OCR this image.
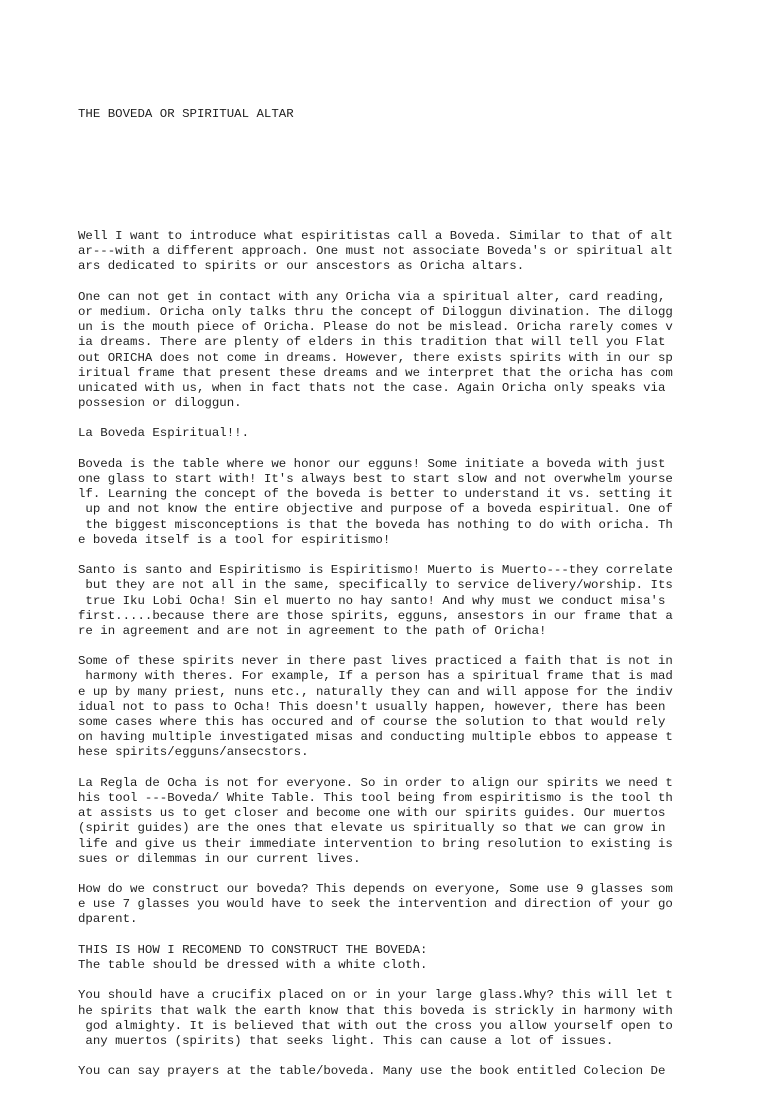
THE BOVEDA OR SPIRITUAL ALTAR

Well I want to introduce what espiritistas call a Boveda. Similar to that of alt
ar---with a different approach. One must not associate Boveda's or spiritual alt
ars dedicated to spirits or our anscestors as Oricha altars.
One can not get in contact with any Oricha via a spiritual alter, card reading,
or medium. Oricha only talks thru the concept of Diloggun divination. The dilogg
un is the mouth piece of Oricha. Please do not be mislead. Oricha rarely comes v
ia dreams. There are plenty of elders in this tradition that will tell you Flat
out ORICHA does not come in dreams. However, there exists spirits with in our sp
iritual frame that present these dreams and we interpret that the oricha has com
unicated with us, when in fact thats not the case. Again Oricha only speaks via
possesion or diloggun.
La Boveda Espiritual!!.
Boveda is the table where we honor our egguns! Some initiate a boveda with just
one glass to start with! It's always best to start slow and not overwhelm yourse
lf. Learning the concept of the boveda is better to understand it vs. setting it
up and not know the entire objective and purpose of a boveda espiritual. One of
the biggest misconceptions is that the boveda has nothing to do with oricha. Th
e boveda itself is a tool for espiritismo!
Santo is santo and Espiritismo is Espiritismo! Muerto is Muerto---they correlate
but they are not all in the same, specifically to service delivery/worship. Its
true Iku Lobi Ocha! Sin el muerto no hay santo! And why must we conduct misa's
first.....because there are those spirits, egguns, ansestors in our frame that a
re in agreement and are not in agreement to the path of Oricha!
Some of these spirits never in there past lives practiced a faith that is not in
harmony with theres. For example, If a person has a spiritual frame that is mad
e up by many priest, nuns etc., naturally they can and will appose for the indiv
idual not to pass to Ocha! This doesn't usually happen, however, there has been
some cases where this has occured and of course the solution to that would rely
on having multiple investigated misas and conducting multiple ebbos to appease t
hese spirits/egguns/ansecstors.
La Regla de Ocha is not for everyone. So in order to align our spirits we need t
his tool ---Boveda/ White Table. This tool being from espiritismo is the tool th
at assists us to get closer and become one with our spirits guides. Our muertos
(spirit guides) are the ones that elevate us spiritually so that we can grow in
life and give us their immediate intervention to bring resolution to existing is
sues or dilemmas in our current lives.
How do we construct our boveda? This depends on everyone, Some use 9 glasses som
e use 7 glasses you would have to seek the intervention and direction of your go
dparent.
THIS IS HOW I RECOMEND TO CONSTRUCT THE BOVEDA:
The table should be dressed with a white cloth.
You should have a crucifix placed on or in your large glass.Why? this will let t
he spirits that walk the earth know that this boveda is strickly in harmony with
god almighty. It is believed that with out the cross you allow yourself open to
any muertos (spirits) that seeks light. This can cause a lot of issues.
You can say prayers at the table/boveda. Many use the book entitled Colecion De
